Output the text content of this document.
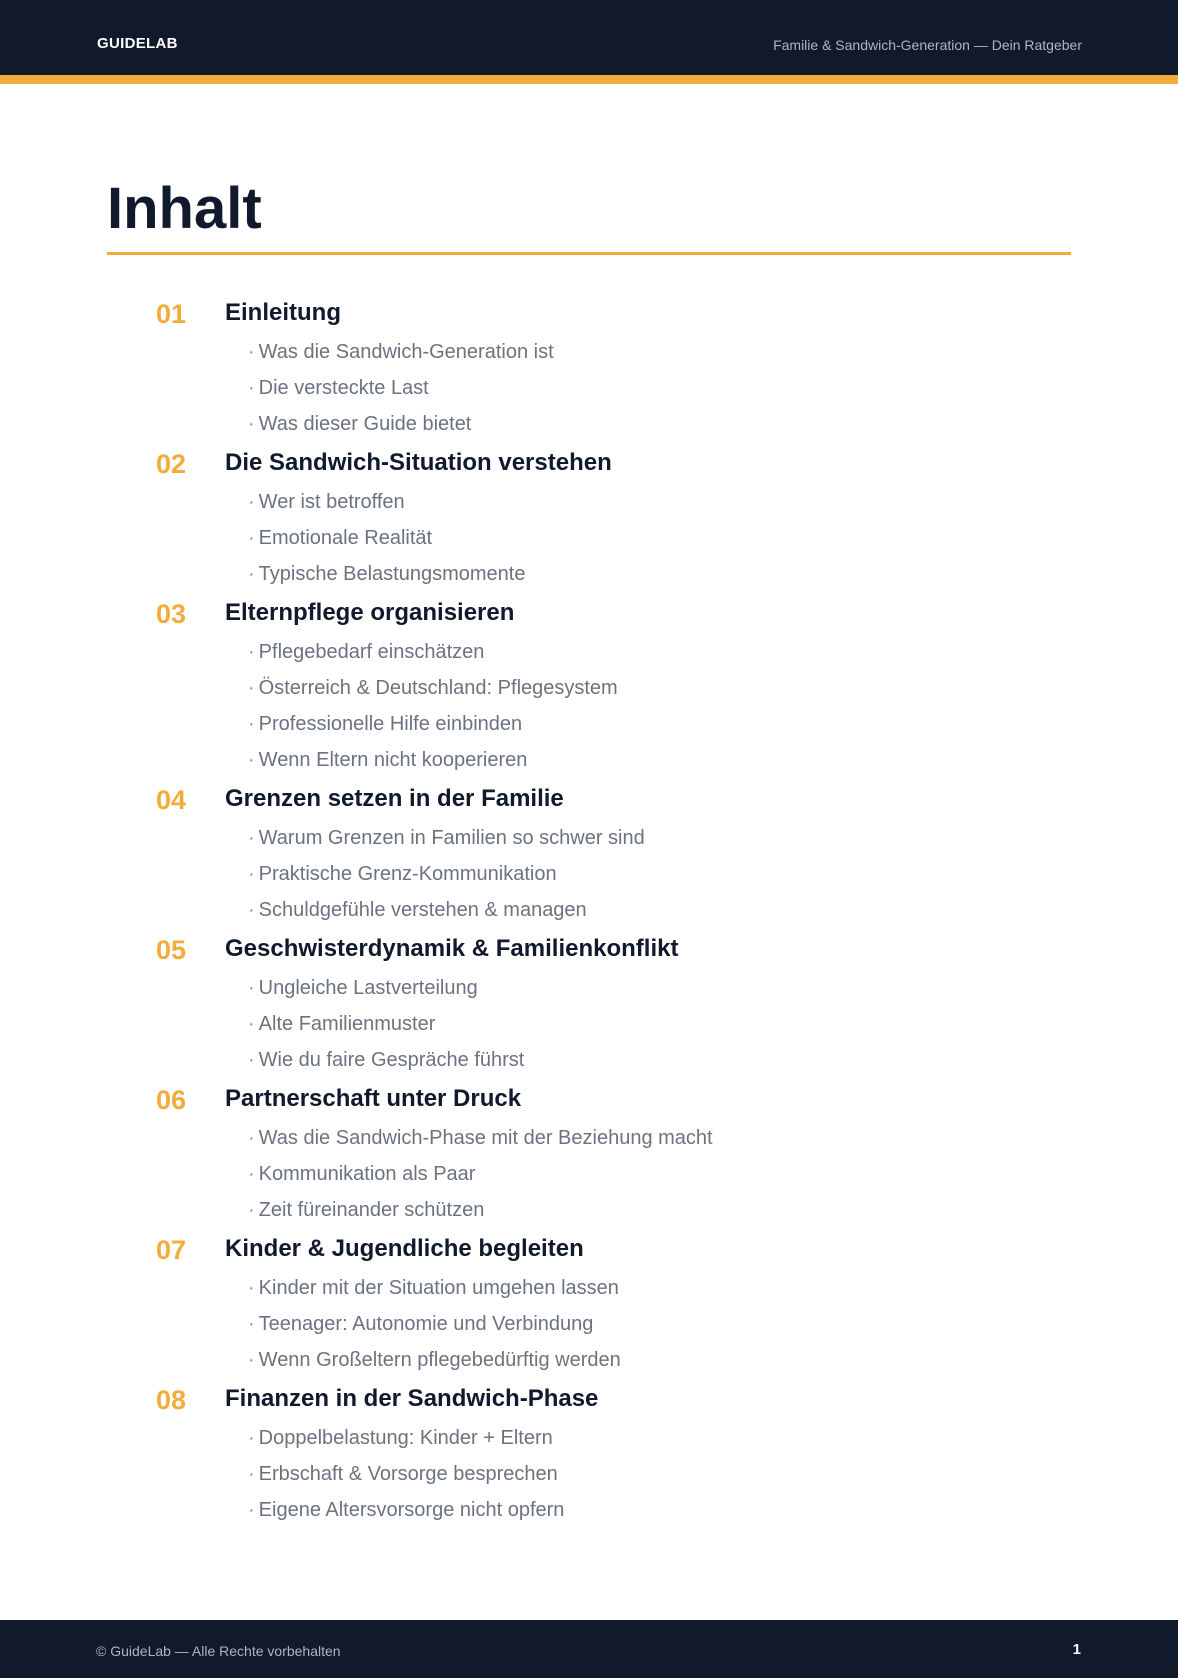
GUIDELAB	Familie & Sandwich-Generation — Dein Ratgeber
Inhalt
01 Einleitung
· Was die Sandwich-Generation ist
· Die versteckte Last
· Was dieser Guide bietet
02 Die Sandwich-Situation verstehen
· Wer ist betroffen
· Emotionale Realität
· Typische Belastungsmomente
03 Elternpflege organisieren
· Pflegebedarf einschätzen
· Österreich & Deutschland: Pflegesystem
· Professionelle Hilfe einbinden
· Wenn Eltern nicht kooperieren
04 Grenzen setzen in der Familie
· Warum Grenzen in Familien so schwer sind
· Praktische Grenz-Kommunikation
· Schuldgefühle verstehen & managen
05 Geschwisterdynamik & Familienkonflikt
· Ungleiche Lastverteilung
· Alte Familienmuster
· Wie du faire Gespräche führst
06 Partnerschaft unter Druck
· Was die Sandwich-Phase mit der Beziehung macht
· Kommunikation als Paar
· Zeit füreinander schützen
07 Kinder & Jugendliche begleiten
· Kinder mit der Situation umgehen lassen
· Teenager: Autonomie und Verbindung
· Wenn Großeltern pflegebedürftig werden
08 Finanzen in der Sandwich-Phase
· Doppelbelastung: Kinder + Eltern
· Erbschaft & Vorsorge besprechen
· Eigene Altersvorsorge nicht opfern
© GuideLab — Alle Rechte vorbehalten	1
